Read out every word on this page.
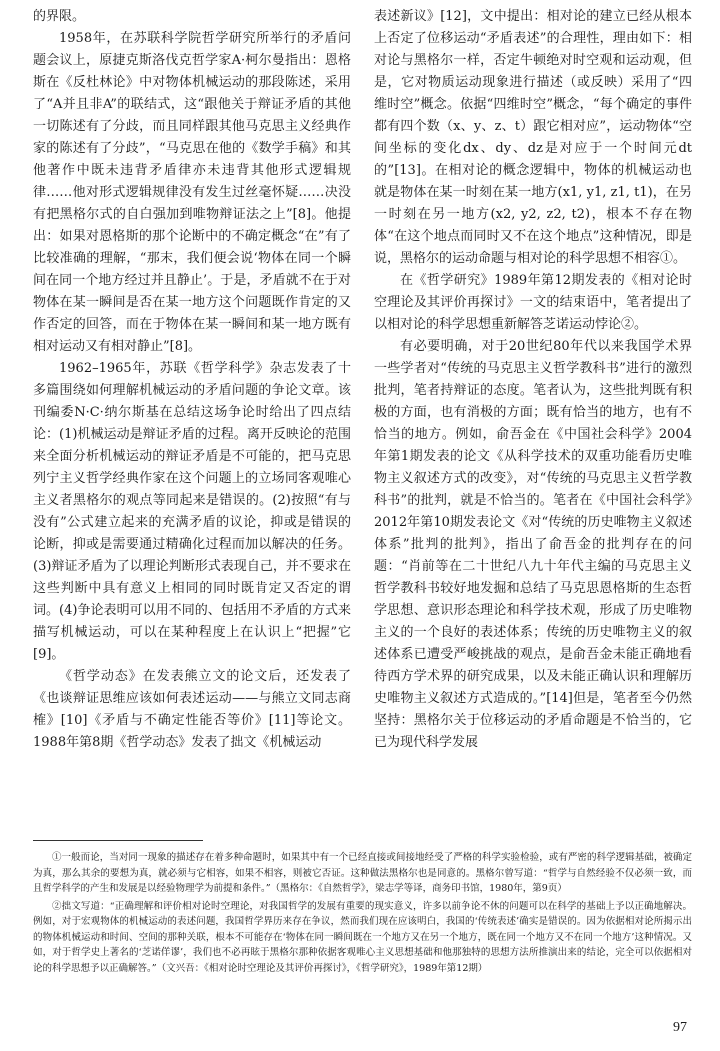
的界限。

1958年，在苏联科学院哲学研究所举行的矛盾问题会议上，原捷克斯洛伐克哲学家A·柯尔曼指出：恩格斯在《反杜林论》中对物体机械运动的那段陈述，采用了“A并且非A”的联结式，这“跟他关于辩证矛盾的其他一切陈述有了分歧，而且同样跟其他马克思主义经典作家的陈述有了分歧”，“马克思在他的《数学手稿》和其他著作中既未违背矛盾律亦未违背其他形式逻辑规律……他对形式逻辑规律没有发生过丝毫怀疑……决没有把黑格尔式的自白强加到唯物辩证法之上”[8]。他提出：如果对恩格斯的那个论断中的不确定概念“在”有了比较准确的理解，“那末，我们便会说‘物体在同一个瞬间在同一个地方经过并且静止’。于是，矛盾就不在于对物体在某一瞬间是否在某一地方这个问题既作肯定的又作否定的回答，而在于物体在某一瞬间和某一地方既有相对运动又有相对静止”[8]。

1962–1965年，苏联《哲学科学》杂志发表了十多篇围绕如何理解机械运动的矛盾问题的争论文章。该刊编委N·C·纳尔斯基在总结这场争论时给出了四点结论：(1)机械运动是辩证矛盾的过程。离开反映论的范围来全面分析机械运动的辩证矛盾是不可能的，把马克思列宁主义哲学经典作家在这个问题上的立场同客观唯心主义者黑格尔的观点等同起来是错误的。(2)按照“有与没有”公式建立起来的充满矛盾的议论，抑或是错误的论断，抑或是需要通过精确化过程而加以解决的任务。(3)辩证矛盾为了以理论判断形式表现自己，并不要求在这些判断中具有意义上相同的同时既肯定又否定的谓词。(4)争论表明可以用不同的、包括用不矛盾的方式来描写机械运动，可以在某种程度上在认识上“把握”它[9]。

《哲学动态》在发表熊立文的论文后，还发表了《也谈辩证思维应该如何表述运动——与熊立文同志商榷》[10]《矛盾与不确定性能否等价》[11]等论文。1988年第8期《哲学动态》发表了拙文《机械运动

表述新议》[12]，文中提出：相对论的建立已经从根本上否定了位移运动“矛盾表述”的合理性，理由如下：相对论与黑格尔一样，否定牛顿绝对时空观和运动观，但是，它对物质运动现象进行描述（或反映）采用了“四维时空”概念。依据“四维时空”概念，“每个确定的事件都有四个数（x、y、z、t）跟它相对应”，运动物体“空间坐标的变化dx、dy、dz是对应于一个时间元dt的”[13]。在相对论的概念逻辑中，物体的机械运动也就是物体在某一时刻在某一地方(x1, y1, z1, t1)，在另一时刻在另一地方(x2, y2, z2, t2)，根本不存在物体“在这个地点而同时又不在这个地点”这种情况，即是说，黑格尔的运动命题与相对论的科学思想不相容①。

在《哲学研究》1989年第12期发表的《相对论时空理论及其评价再探讨》一文的结束语中，笔者提出了以相对论的科学思想重新解答芝诺运动悖论②。

有必要明确，对于20世纪80年代以来我国学术界一些学者对“传统的马克思主义哲学教科书”进行的激烈批判，笔者持辩证的态度。笔者认为，这些批判既有积极的方面，也有消极的方面；既有恰当的地方，也有不恰当的地方。例如，俞吾金在《中国社会科学》2004年第1期发表的论文《从科学技术的双重功能看历史唯物主义叙述方式的改变》，对“传统的马克思主义哲学教科书”的批判，就是不恰当的。笔者在《中国社会科学》2012年第10期发表论文《对“传统的历史唯物主义叙述体系”批判的批判》，指出了俞吾金的批判存在的问题：“肖前等在二十世纪八九十年代主编的马克思主义哲学教科书较好地发掘和总结了马克思恩格斯的生态哲学思想、意识形态理论和科学技术观，形成了历史唯物主义的一个良好的表述体系；传统的历史唯物主义的叙述体系已遭受严峻挑战的观点，是俞吾金未能正确地看待西方学术界的研究成果，以及未能正确认识和理解历史唯物主义叙述方式造成的。”[14]但是，笔者至今仍然坚持：黑格尔关于位移运动的矛盾命题是不恰当的，它已为现代科学发展

①一般而论，当对同一现象的描述存在着多种命题时，如果其中有一个已经直接或间接地经受了严格的科学实验检验，或有严密的科学逻辑基础，被确定为真，那么其余的要想为真，就必须与它相容，如果不相容，则被它否证。这种做法黑格尔也是同意的。黑格尔曾写道：“哲学与自然经验不仅必须一致，而且哲学科学的产生和发展是以经验物理学为前提和条件。”（黑格尔：《自然哲学》，梁志学等译，商务印书馆，1980年，第9页）

②拙文写道：“正确理解和评价相对论时空理论，对我国哲学的发展有重要的现实意义，许多以前争论不休的问题可以在科学的基础上予以正确地解决。例如，对于宏观物体的机械运动的表述问题，我国哲学界历来存在争议，然而我们现在应该明白，我国的‘传统表述’确实是错误的。因为依据相对论所揭示出的物体机械运动和时间、空间的那种关联，根本不可能存在‘物体在同一瞬间既在一个地方又在另一个地方，既在同一个地方又不在同一个地方’这种情况。又如，对于哲学史上著名的‘芝诺佯谬’，我们也不必再眩于黑格尔那种依据客观唯心主义思想基础和他那独特的思想方法所推演出来的结论，完全可以依据相对论的科学思想予以正确解答。”（文兴吾：《相对论时空理论及其评价再探讨》，《哲学研究》，1989年第12期）

97
